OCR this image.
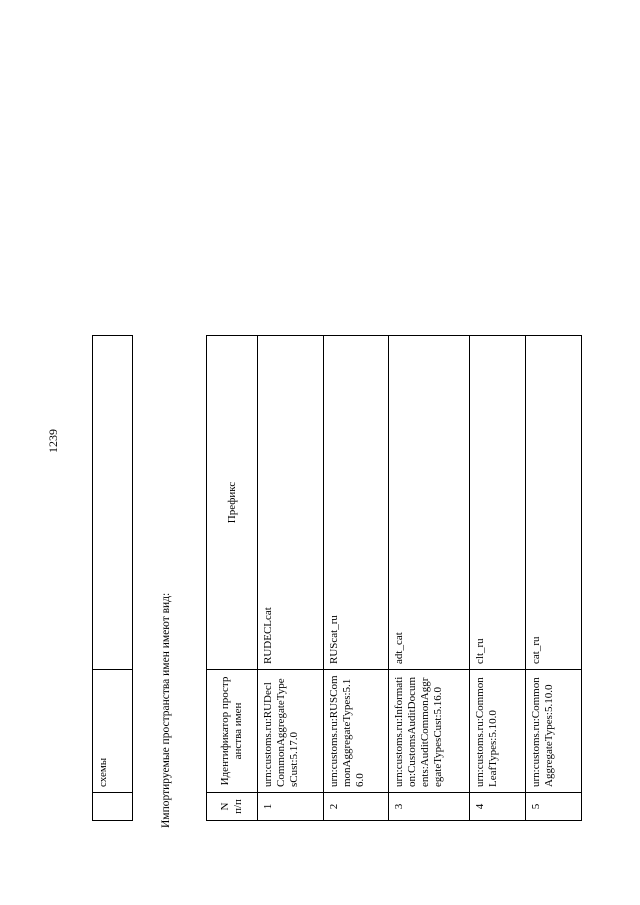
1239
	схемы		Импортируемые пространства имен имеют вид:	N п/п	Идентификатор пространства имен	Префикс
1	urn:customs.ru:RUDeclCommonAggregateTypesCust:5.17.0	RUDECLcat
2	urn:customs.ru:RUSCommonAggregateTypes:5.16.0	RUScat_ru
3	urn:customs.ru:Information:CustomsAuditDocuments:AuditCommonAggregateTypesCust:5.16.0	adt_cat
4	urn:customs.ru:CommonLeafTypes:5.10.0	clt_ru
5	urn:customs.ru:CommonAggregateTypes:5.10.0	cat_ru
